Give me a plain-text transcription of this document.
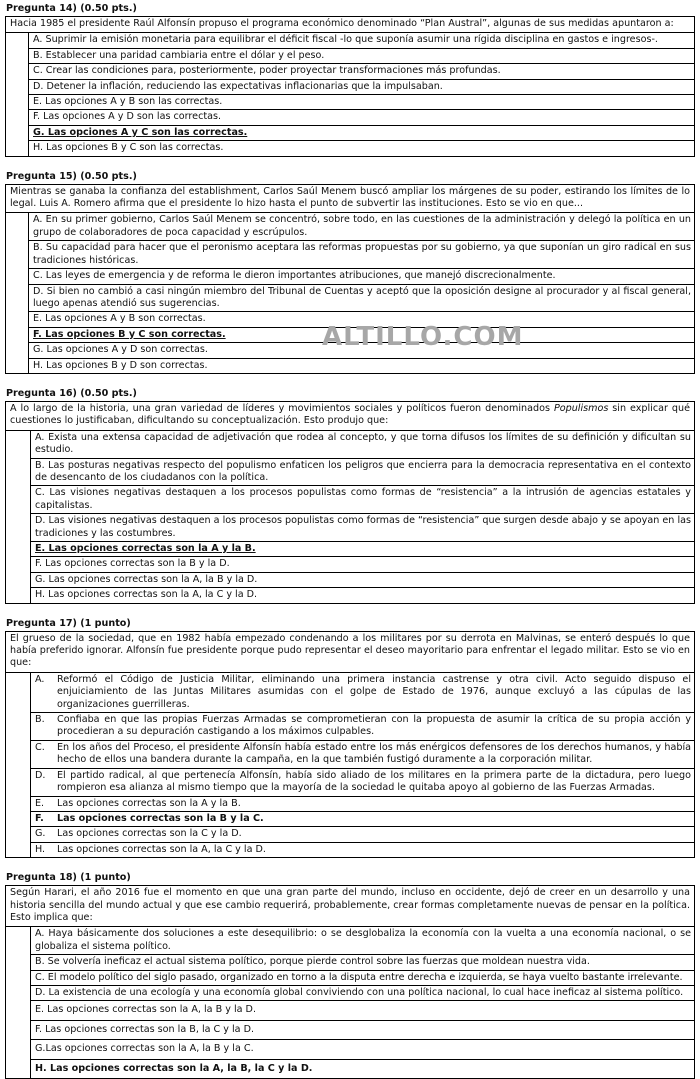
Pregunta 14) (0.50 pts.)
Hacia 1985 el presidente Raúl Alfonsín propuso el programa económico denominado “Plan Austral”, algunas de sus medidas apuntaron a:
A. Suprimir la emisión monetaria para equilibrar el déficit fiscal -lo que suponía asumir una rígida disciplina en gastos e ingresos-.
B. Establecer una paridad cambiaria entre el dólar y el peso.
C. Crear las condiciones para, posteriormente, poder proyectar transformaciones más profundas.
D. Detener la inflación, reduciendo las expectativas inflacionarias que la impulsaban.
E. Las opciones A y B son las correctas.
F. Las opciones A y D son las correctas.
G. Las opciones A y C son las correctas.
H. Las opciones B y C son las correctas.
Pregunta 15) (0.50 pts.)
Mientras se ganaba la confianza del establishment, Carlos Saúl Menem buscó ampliar los márgenes de su poder, estirando los límites de lo legal. Luis A. Romero afirma que el presidente lo hizo hasta el punto de subvertir las instituciones. Esto se vio en que...
A. En su primer gobierno, Carlos Saúl Menem se concentró, sobre todo, en las cuestiones de la administración y delegó la política en un grupo de colaboradores de poca capacidad y escrúpulos.
B. Su capacidad para hacer que el peronismo aceptara las reformas propuestas por su gobierno, ya que suponían un giro radical en sus tradiciones históricas.
C. Las leyes de emergencia y de reforma le dieron importantes atribuciones, que manejó discrecionalmente.
D. Si bien no cambió a casi ningún miembro del Tribunal de Cuentas y aceptó que la oposición designe al procurador y al fiscal general, luego apenas atendió sus sugerencias.
E. Las opciones A y B son correctas.
F. Las opciones B y C son correctas.
G. Las opciones A y D son correctas.
H. Las opciones B y D son correctas.
Pregunta 16) (0.50 pts.)
A lo largo de la historia, una gran variedad de líderes y movimientos sociales y políticos fueron denominados Populismos sin explicar qué cuestiones lo justificaban, dificultando su conceptualización. Esto produjo que:
A. Exista una extensa capacidad de adjetivación que rodea al concepto, y que torna difusos los límites de su definición y dificultan su estudio.
B. Las posturas negativas respecto del populismo enfaticen los peligros que encierra para la democracia representativa en el contexto de desencanto de los ciudadanos con la política.
C. Las visiones negativas destaquen a los procesos populistas como formas de “resistencia” a la intrusión de agencias estatales y capitalistas.
D. Las visiones negativas destaquen a los procesos populistas como formas de “resistencia” que surgen desde abajo y se apoyan en las tradiciones y las costumbres.
E. Las opciones correctas son la A y la B.
F. Las opciones correctas son la B y la D.
G. Las opciones correctas son la A, la B y la D.
H. Las opciones correctas son la A, la C y la D.
Pregunta 17) (1 punto)
El grueso de la sociedad, que en 1982 había empezado condenando a los militares por su derrota en Malvinas, se enteró después lo que había preferido ignorar. Alfonsín fue presidente porque pudo representar el deseo mayoritario para enfrentar el legado militar. Esto se vio en que:
A.	Reformó el Código de Justicia Militar, eliminando una primera instancia castrense y otra civil. Acto seguido dispuso el enjuiciamiento de las Juntas Militares asumidas con el golpe de Estado de 1976, aunque excluyó a las cúpulas de las organizaciones guerrilleras.
B.	Confiaba en que las propias Fuerzas Armadas se comprometieran con la propuesta de asumir la crítica de su propia acción y procedieran a su depuración castigando a los máximos culpables.
C.	En los años del Proceso, el presidente Alfonsín había estado entre los más enérgicos defensores de los derechos humanos, y había hecho de ellos una bandera durante la campaña, en la que también fustigó duramente a la corporación militar.
D.	El partido radical, al que pertenecía Alfonsín, había sido aliado de los militares en la primera parte de la dictadura, pero luego rompieron esa alianza al mismo tiempo que la mayoría de la sociedad le quitaba apoyo al gobierno de las Fuerzas Armadas.
E.	Las opciones correctas son la A y la B.
F.	Las opciones correctas son la B y la C.
G.	Las opciones correctas son la C y la D.
H.	Las opciones correctas son la A, la C y la D.
Pregunta 18) (1 punto)
Según Harari, el año 2016 fue el momento en que una gran parte del mundo, incluso en occidente, dejó de creer en un desarrollo y una historia sencilla del mundo actual y que ese cambio requerirá, probablemente, crear formas completamente nuevas de pensar en la política. Esto implica que:
A. Haya básicamente dos soluciones a este desequilibrio: o se desglobaliza la economía con la vuelta a una economía nacional, o se globaliza el sistema político.
B. Se volvería ineficaz el actual sistema político, porque pierde control sobre las fuerzas que moldean nuestra vida.
C. El modelo político del siglo pasado, organizado en torno a la disputa entre derecha e izquierda, se haya vuelto bastante irrelevante.
D. La existencia de una ecología y una economía global conviviendo con una política nacional, lo cual hace ineficaz al sistema político.
E. Las opciones correctas son la A, la B y la D.
F. Las opciones correctas son la B, la C y la D.
G.Las opciones correctas son la A, la B y la C.
H. Las opciones correctas son la A, la B, la C y la D.
ALTILLO.COM
